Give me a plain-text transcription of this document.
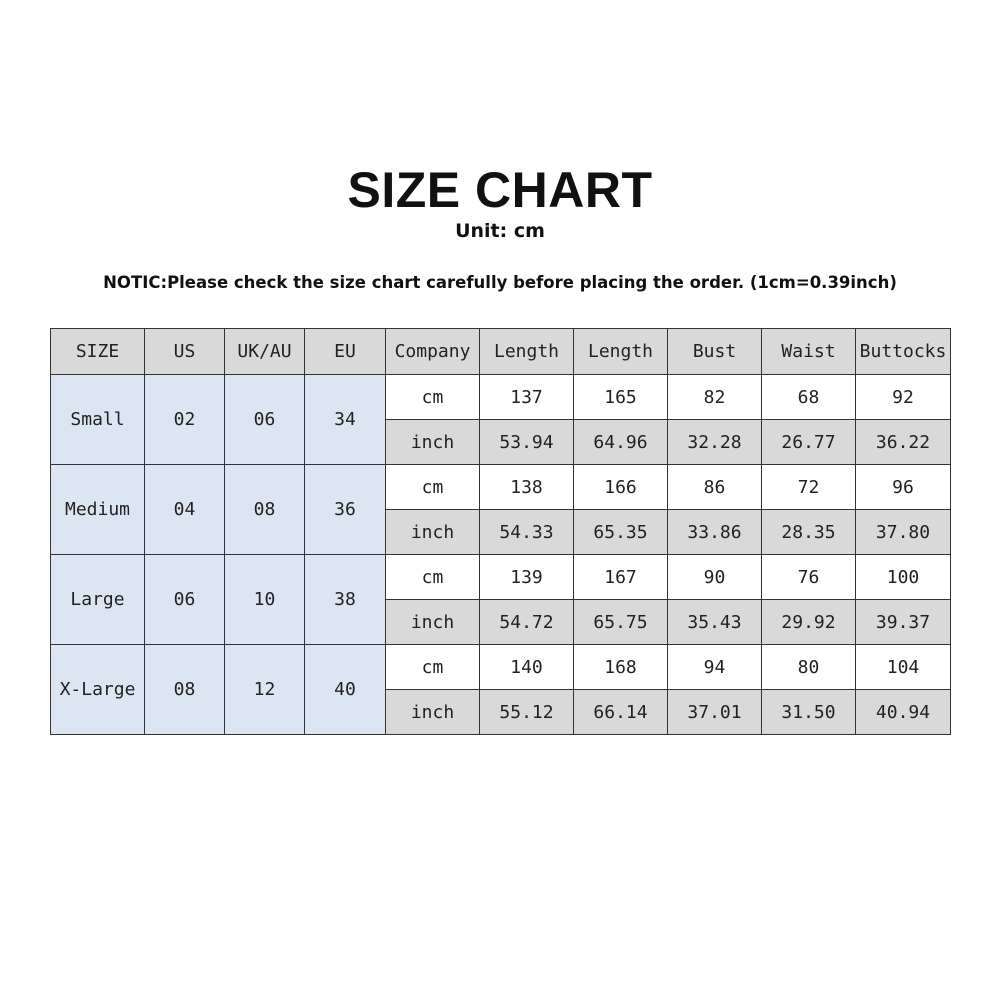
SIZE CHART
Unit: cm
NOTIC:Please check the size chart carefully before placing the order. (1cm=0.39inch)
SIZE	US	UK/AU	EU	Company	Length	Length	Bust	Waist	Buttocks
Small	02	06	34	cm	137	165	82	68	92
				inch	53.94	64.96	32.28	26.77	36.22
Medium	04	08	36	cm	138	166	86	72	96
				inch	54.33	65.35	33.86	28.35	37.80
Large	06	10	38	cm	139	167	90	76	100
				inch	54.72	65.75	35.43	29.92	39.37
X-Large	08	12	40	cm	140	168	94	80	104
				inch	55.12	66.14	37.01	31.50	40.94
